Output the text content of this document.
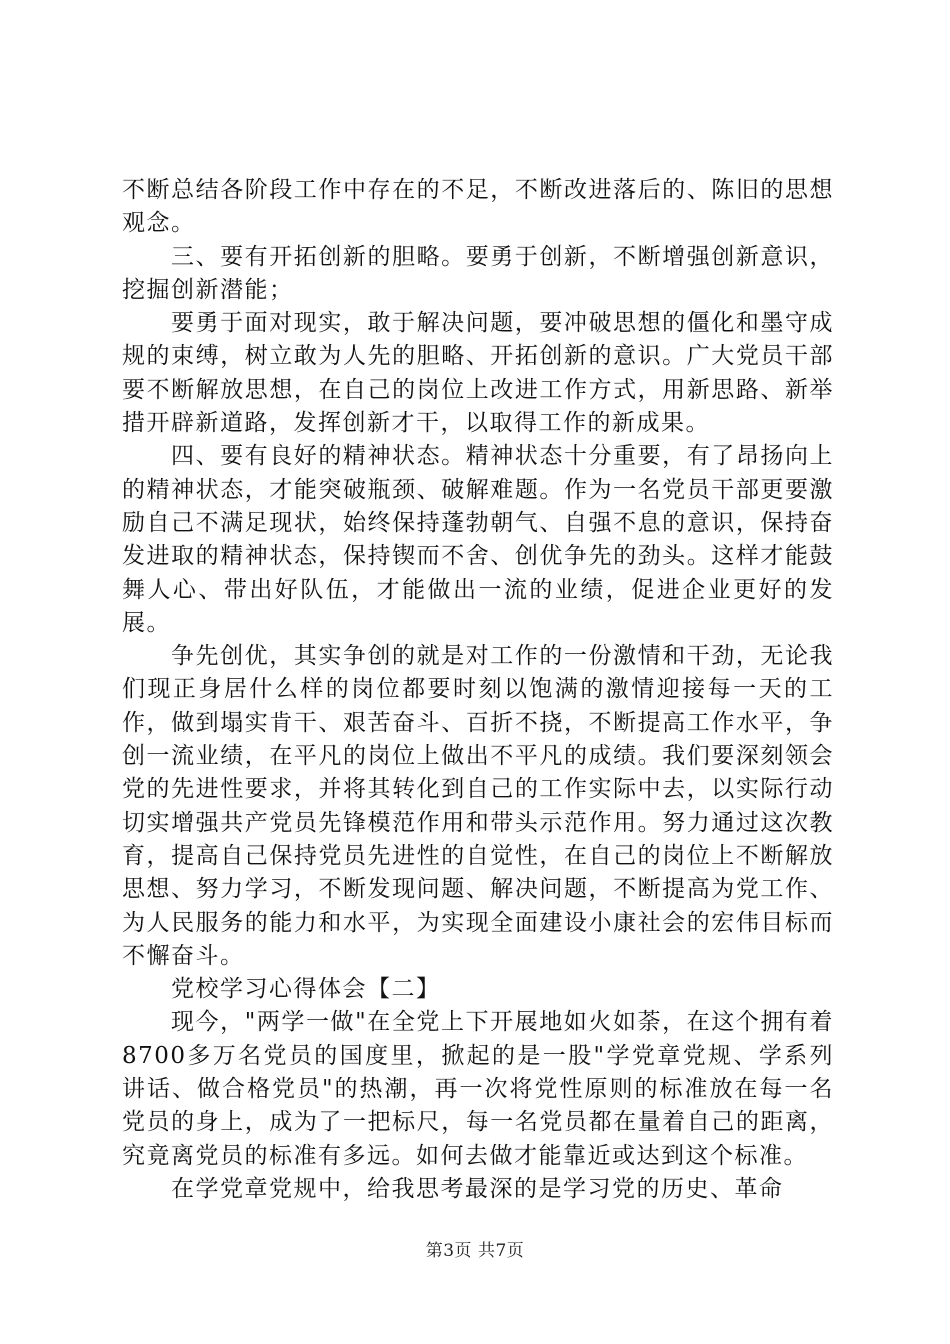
不断总结各阶段工作中存在的不足，不断改进落后的、陈旧的思想观念。

三、要有开拓创新的胆略。要勇于创新，不断增强创新意识，挖掘创新潜能；

要勇于面对现实，敢于解决问题，要冲破思想的僵化和墨守成规的束缚，树立敢为人先的胆略、开拓创新的意识。广大党员干部要不断解放思想，在自己的岗位上改进工作方式，用新思路、新举措开辟新道路，发挥创新才干，以取得工作的新成果。

四、要有良好的精神状态。精神状态十分重要，有了昂扬向上的精神状态，才能突破瓶颈、破解难题。作为一名党员干部更要激励自己不满足现状，始终保持蓬勃朝气、自强不息的意识，保持奋发进取的精神状态，保持锲而不舍、创优争先的劲头。这样才能鼓舞人心、带出好队伍，才能做出一流的业绩，促进企业更好的发展。

争先创优，其实争创的就是对工作的一份激情和干劲，无论我们现正身居什么样的岗位都要时刻以饱满的激情迎接每一天的工作，做到塌实肯干、艰苦奋斗、百折不挠，不断提高工作水平，争创一流业绩，在平凡的岗位上做出不平凡的成绩。我们要深刻领会党的先进性要求，并将其转化到自己的工作实际中去，以实际行动切实增强共产党员先锋模范作用和带头示范作用。努力通过这次教育，提高自己保持党员先进性的自觉性，在自己的岗位上不断解放思想、努力学习，不断发现问题、解决问题，不断提高为党工作、为人民服务的能力和水平，为实现全面建设小康社会的宏伟目标而不懈奋斗。

党校学习心得体会【二】

现今，"两学一做"在全党上下开展地如火如荼，在这个拥有着8700多万名党员的国度里，掀起的是一股"学党章党规、学系列讲话、做合格党员"的热潮，再一次将党性原则的标准放在每一名党员的身上，成为了一把标尺，每一名党员都在量着自己的距离，究竟离党员的标准有多远。如何去做才能靠近或达到这个标准。

在学党章党规中，给我思考最深的是学习党的历史、革命

第3页 共7页
